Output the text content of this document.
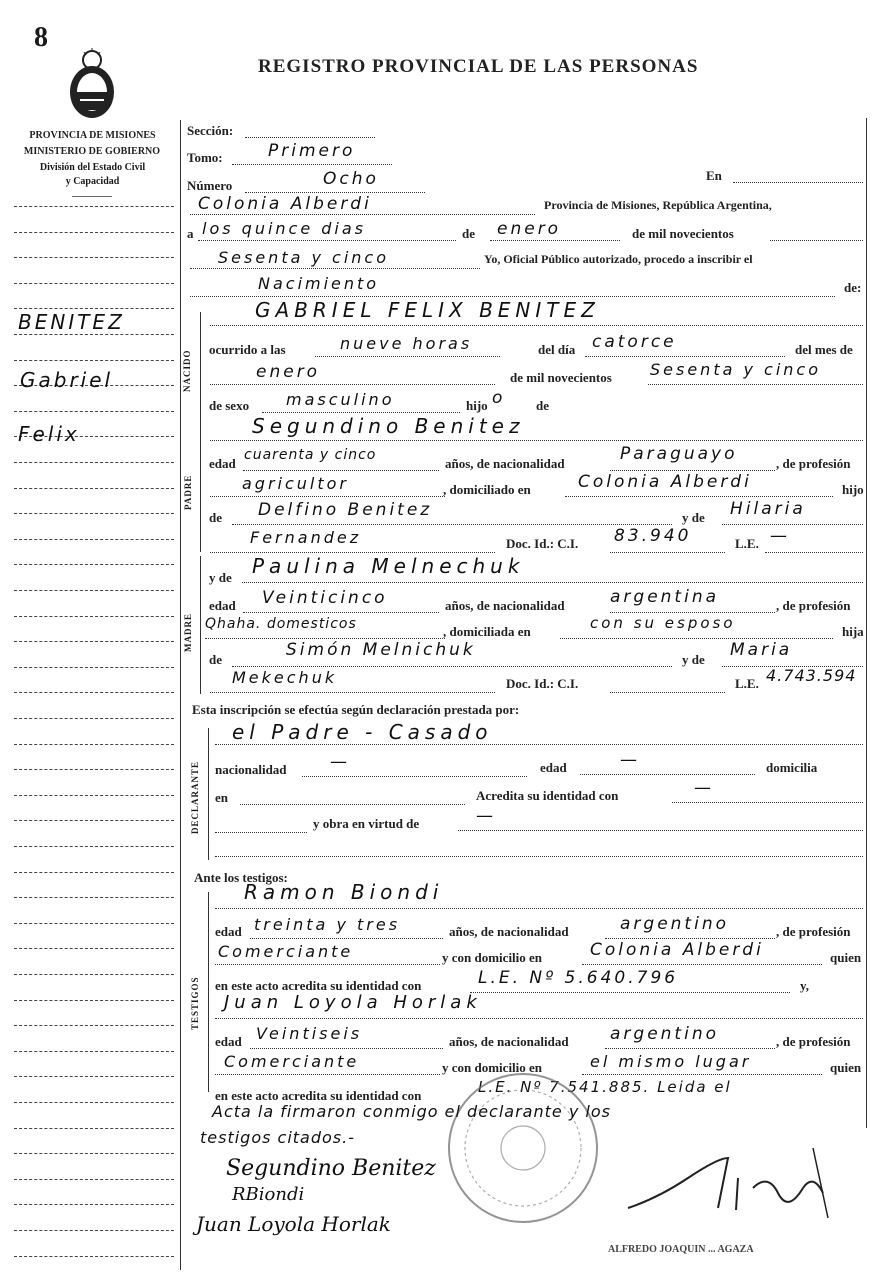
8
REGISTRO PROVINCIAL DE LAS PERSONAS
PROVINCIA DE MISIONES
MINISTERIO DE GOBIERNO
División del Estado Civil
y Capacidad
BENITEZ
Gabriel
Felix
Sección:
Tomo:	Primero
Número	Ocho	En
Colonia Alberdi	Provincia de Misiones, República Argentina,
a los quince dias	de enero	de mil novecientos
Sesenta y cinco	Yo, Oficial Público autorizado, procedo a inscribir el
Nacimiento	de:
NACIDO
GABRIEL FELIX BENITEZ
ocurrido a las	nueve horas	del día catorce	del mes de
enero	de mil novecientos Sesenta y cinco
de sexo masculino	hijo o de
PADRE
Segundino Benitez
edad
cuarenta y cinco
años, de nacionalidad	Paraguayo	, de profesión
agricultor	, domiciliado en	Colonia Alberdi	hijo
de Delfino Benitez	y de Hilaria
Fernandez	Doc. Id.: C.I. 83.940	L.E. —
MADRE
y de Paulina Melnechuk
edad Veinticinco	años, de nacionalidad	argentina	, de profesión
Qhaha. domesticos	, domiciliada en	con su esposo	hija
de	Simón Melnichuk	y de Maria
Mekechuk	Doc. Id.: C.I.	L.E. 4.743.594
Esta inscripción se efectúa según declaración prestada por:
DECLARANTE
el Padre - Casado
nacionalidad	—	edad	—	domicilia
en	Acredita su identidad con	—
y obra en virtud de	—
Ante los testigos:
TESTIGOS
Ramon Biondi
edad treinta y tres	años, de nacionalidad	argentino	, de profesión
Comerciante	y con domicilio en	Colonia Alberdi	quien
en este acto acredita su identidad con	L.E. Nº 5.640.796	y,
Juan Loyola Horlak
edad Veintiseis	años, de nacionalidad argentino	, de profesión
Comerciante	y con domicilio en	el mismo lugar	quien
en este acto acredita su identidad con	L.E. Nº 7.541.885. Leida el
Acta la firmaron conmigo el declarante y los
testigos citados.-
Segundino Benitez
RBiondi
Juan Loyola Horlak
ALFREDO JOAQUIN ... AGAZA
